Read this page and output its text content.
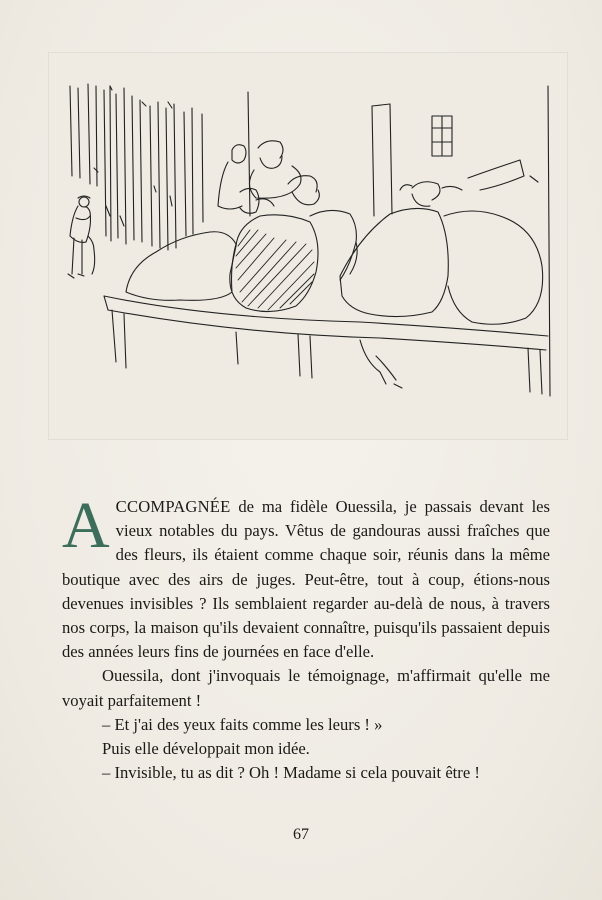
ACCOMPAGNÉE de ma fidèle Ouessila, je passais devant les vieux notables du pays. Vêtus de gandouras aussi fraîches que des fleurs, ils étaient comme chaque soir, réunis dans la même boutique avec des airs de juges. Peut-être, tout à coup, étions-nous devenues invisibles ? Ils semblaient regarder au-delà de nous, à travers nos corps, la maison qu'ils devaient connaître, puisqu'ils passaient depuis des années leurs fins de journées en face d'elle.

Ouessila, dont j'invoquais le témoignage, m'affirmait qu'elle me voyait parfaitement !

– Et j'ai des yeux faits comme les leurs ! »

Puis elle développait mon idée.

– Invisible, tu as dit ? Oh ! Madame si cela pouvait être !

67
